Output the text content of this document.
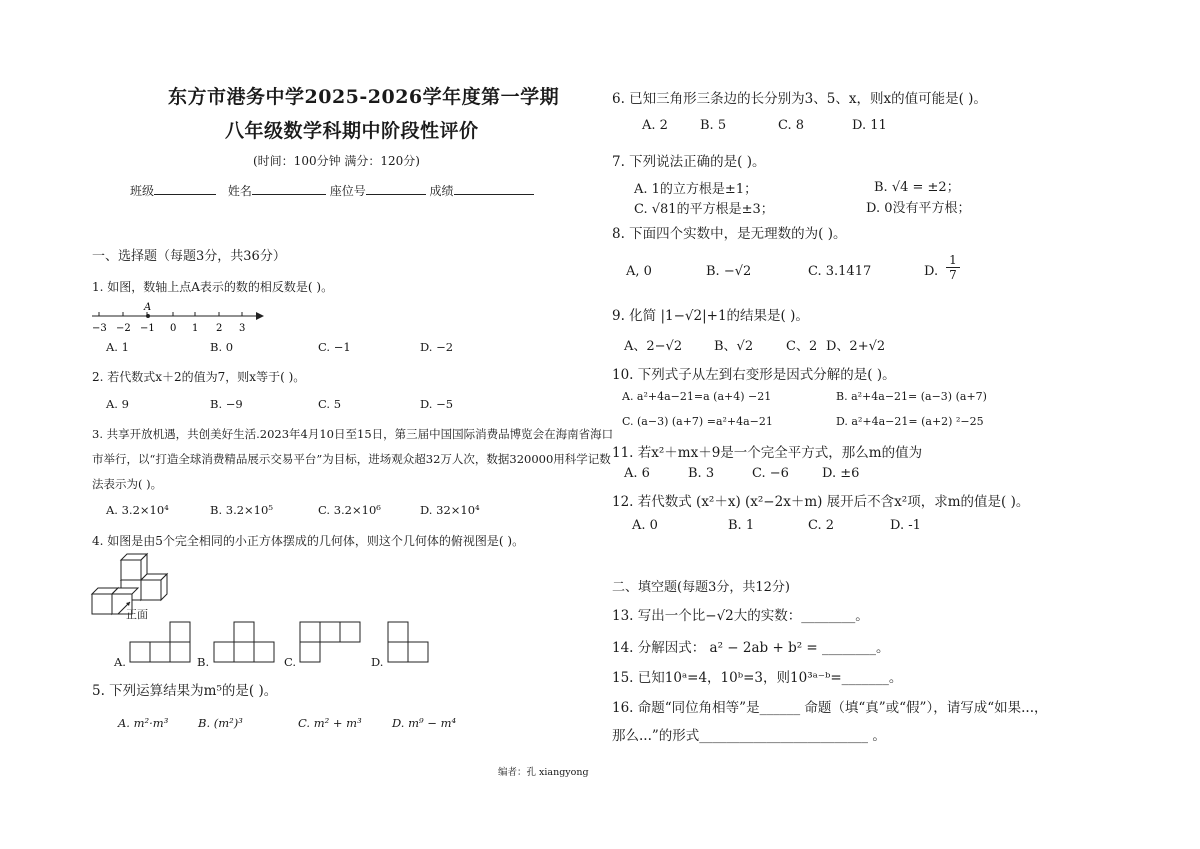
东方市港务中学2025-2026学年度第一学期
八年级数学科期中阶段性评价
(时间：100分钟 满分：120分)
班级	姓名	座位号	成绩
一、选择题（每题3分，共36分）
1. 如图，数轴上点A表示的数的相反数是( )。
A
−3 −2 −1 0 1 2 3
A. 1	B. 0	C. −1	D. −2
2. 若代数式x＋2的值为7，则x等于( )。
A. 9	B. −9	C. 5	D. −5
3. 共享开放机遇，共创美好生活.2023年4月10日至15日，第三届中国国际消费品博览会在海南省海口
市举行，以“打造全球消费精品展示交易平台”为目标，进场观众超32万人次，数据320000用科学记数
法表示为( )。
A. 3.2×10⁴	B. 3.2×10⁵	C. 3.2×10⁶	D. 32×10⁴
4. 如图是由5个完全相同的小正方体摆成的几何体，则这个几何体的俯视图是( )。
正面
A.	B.	C.	D.
5. 下列运算结果为m⁵的是( )。
A. m²·m³	B. (m²)³	C. m² + m³	D. m⁹ − m⁴
编者：孔 xiangyong
6. 已知三角形三条边的长分别为3、5、x，则x的值可能是( )。
A. 2 B. 5	C. 8	D. 11
7. 下列说法正确的是( )。
A. 1的立方根是±1；	B. √4 = ±2；
C. √81的平方根是±3；	D. 0没有平方根；
8. 下面四个实数中，是无理数的为( )。
A, 0	B. −√2	C. 3.1417	D. $\frac{1}{7}$
9. 化简 |1−√2|+1的结果是( )。
A、2−√2 B、√2	C、2 D、2+√2
10. 下列式子从左到右变形是因式分解的是( )。
A. a²+4a−21=a (a+4) −21	B. a²+4a−21= (a−3) (a+7)
C. (a−3) (a+7) =a²+4a−21	D. a²+4a−21= (a+2) ²−25
11. 若x²＋mx＋9是一个完全平方式，那么m的值为
A. 6	B. 3	C. −6	D. ±6
12. 若代数式 (x²＋x) (x²−2x＋m) 展开后不含x²项，求m的值是( )。
A. 0	B. 1	C. 2	D. -1
二、填空题(每题3分，共12分)
13. 写出一个比−√2大的实数：________。
14. 分解因式： a² − 2ab + b² = ________。
15. 已知10ᵃ=4，10ᵇ=3，则10³ᵃ⁻ᵇ=_______。
16. 命题“同位角相等”是______ 命题（填“真”或“假”），请写成“如果...，
那么...”的形式_________________________ 。
